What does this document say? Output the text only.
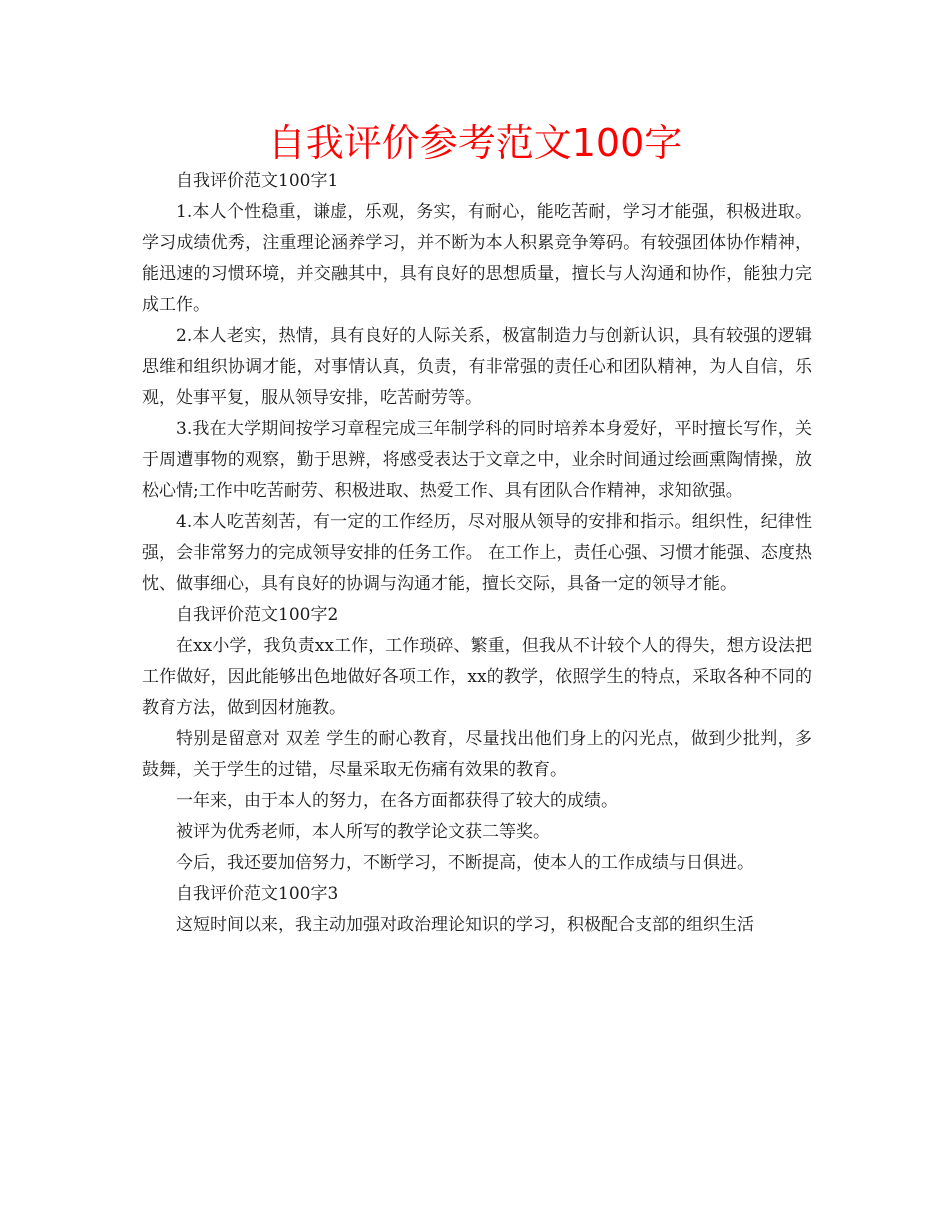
自我评价参考范文100字

自我评价范文100字1

1.本人个性稳重，谦虚，乐观，务实，有耐心，能吃苦耐，学习才能强，积极进取。学习成绩优秀，注重理论涵养学习，并不断为本人积累竞争筹码。有较强团体协作精神，能迅速的习惯环境，并交融其中，具有良好的思想质量，擅长与人沟通和协作，能独力完成工作。

2.本人老实，热情，具有良好的人际关系，极富制造力与创新认识，具有较强的逻辑思维和组织协调才能，对事情认真，负责，有非常强的责任心和团队精神，为人自信，乐观，处事平复，服从领导安排，吃苦耐劳等。

3.我在大学期间按学习章程完成三年制学科的同时培养本身爱好，平时擅长写作，关于周遭事物的观察，勤于思辨，将感受表达于文章之中，业余时间通过绘画熏陶情操，放松心情;工作中吃苦耐劳、积极进取、热爱工作、具有团队合作精神，求知欲强。

4.本人吃苦刻苦，有一定的工作经历，尽对服从领导的安排和指示。组织性，纪律性强，会非常努力的完成领导安排的任务工作。 在工作上，责任心强、习惯才能强、态度热忱、做事细心，具有良好的协调与沟通才能，擅长交际，具备一定的领导才能。

自我评价范文100字2

在xx小学，我负责xx工作，工作琐碎、繁重，但我从不计较个人的得失，想方设法把工作做好，因此能够出色地做好各项工作，xx的教学，依照学生的特点，采取各种不同的教育方法，做到因材施教。

特别是留意对 双差 学生的耐心教育，尽量找出他们身上的闪光点，做到少批判，多鼓舞，关于学生的过错，尽量采取无伤痛有效果的教育。

一年来，由于本人的努力，在各方面都获得了较大的成绩。

被评为优秀老师，本人所写的教学论文获二等奖。

今后，我还要加倍努力，不断学习，不断提高，使本人的工作成绩与日俱进。

自我评价范文100字3

这短时间以来，我主动加强对政治理论知识的学习，积极配合支部的组织生活
